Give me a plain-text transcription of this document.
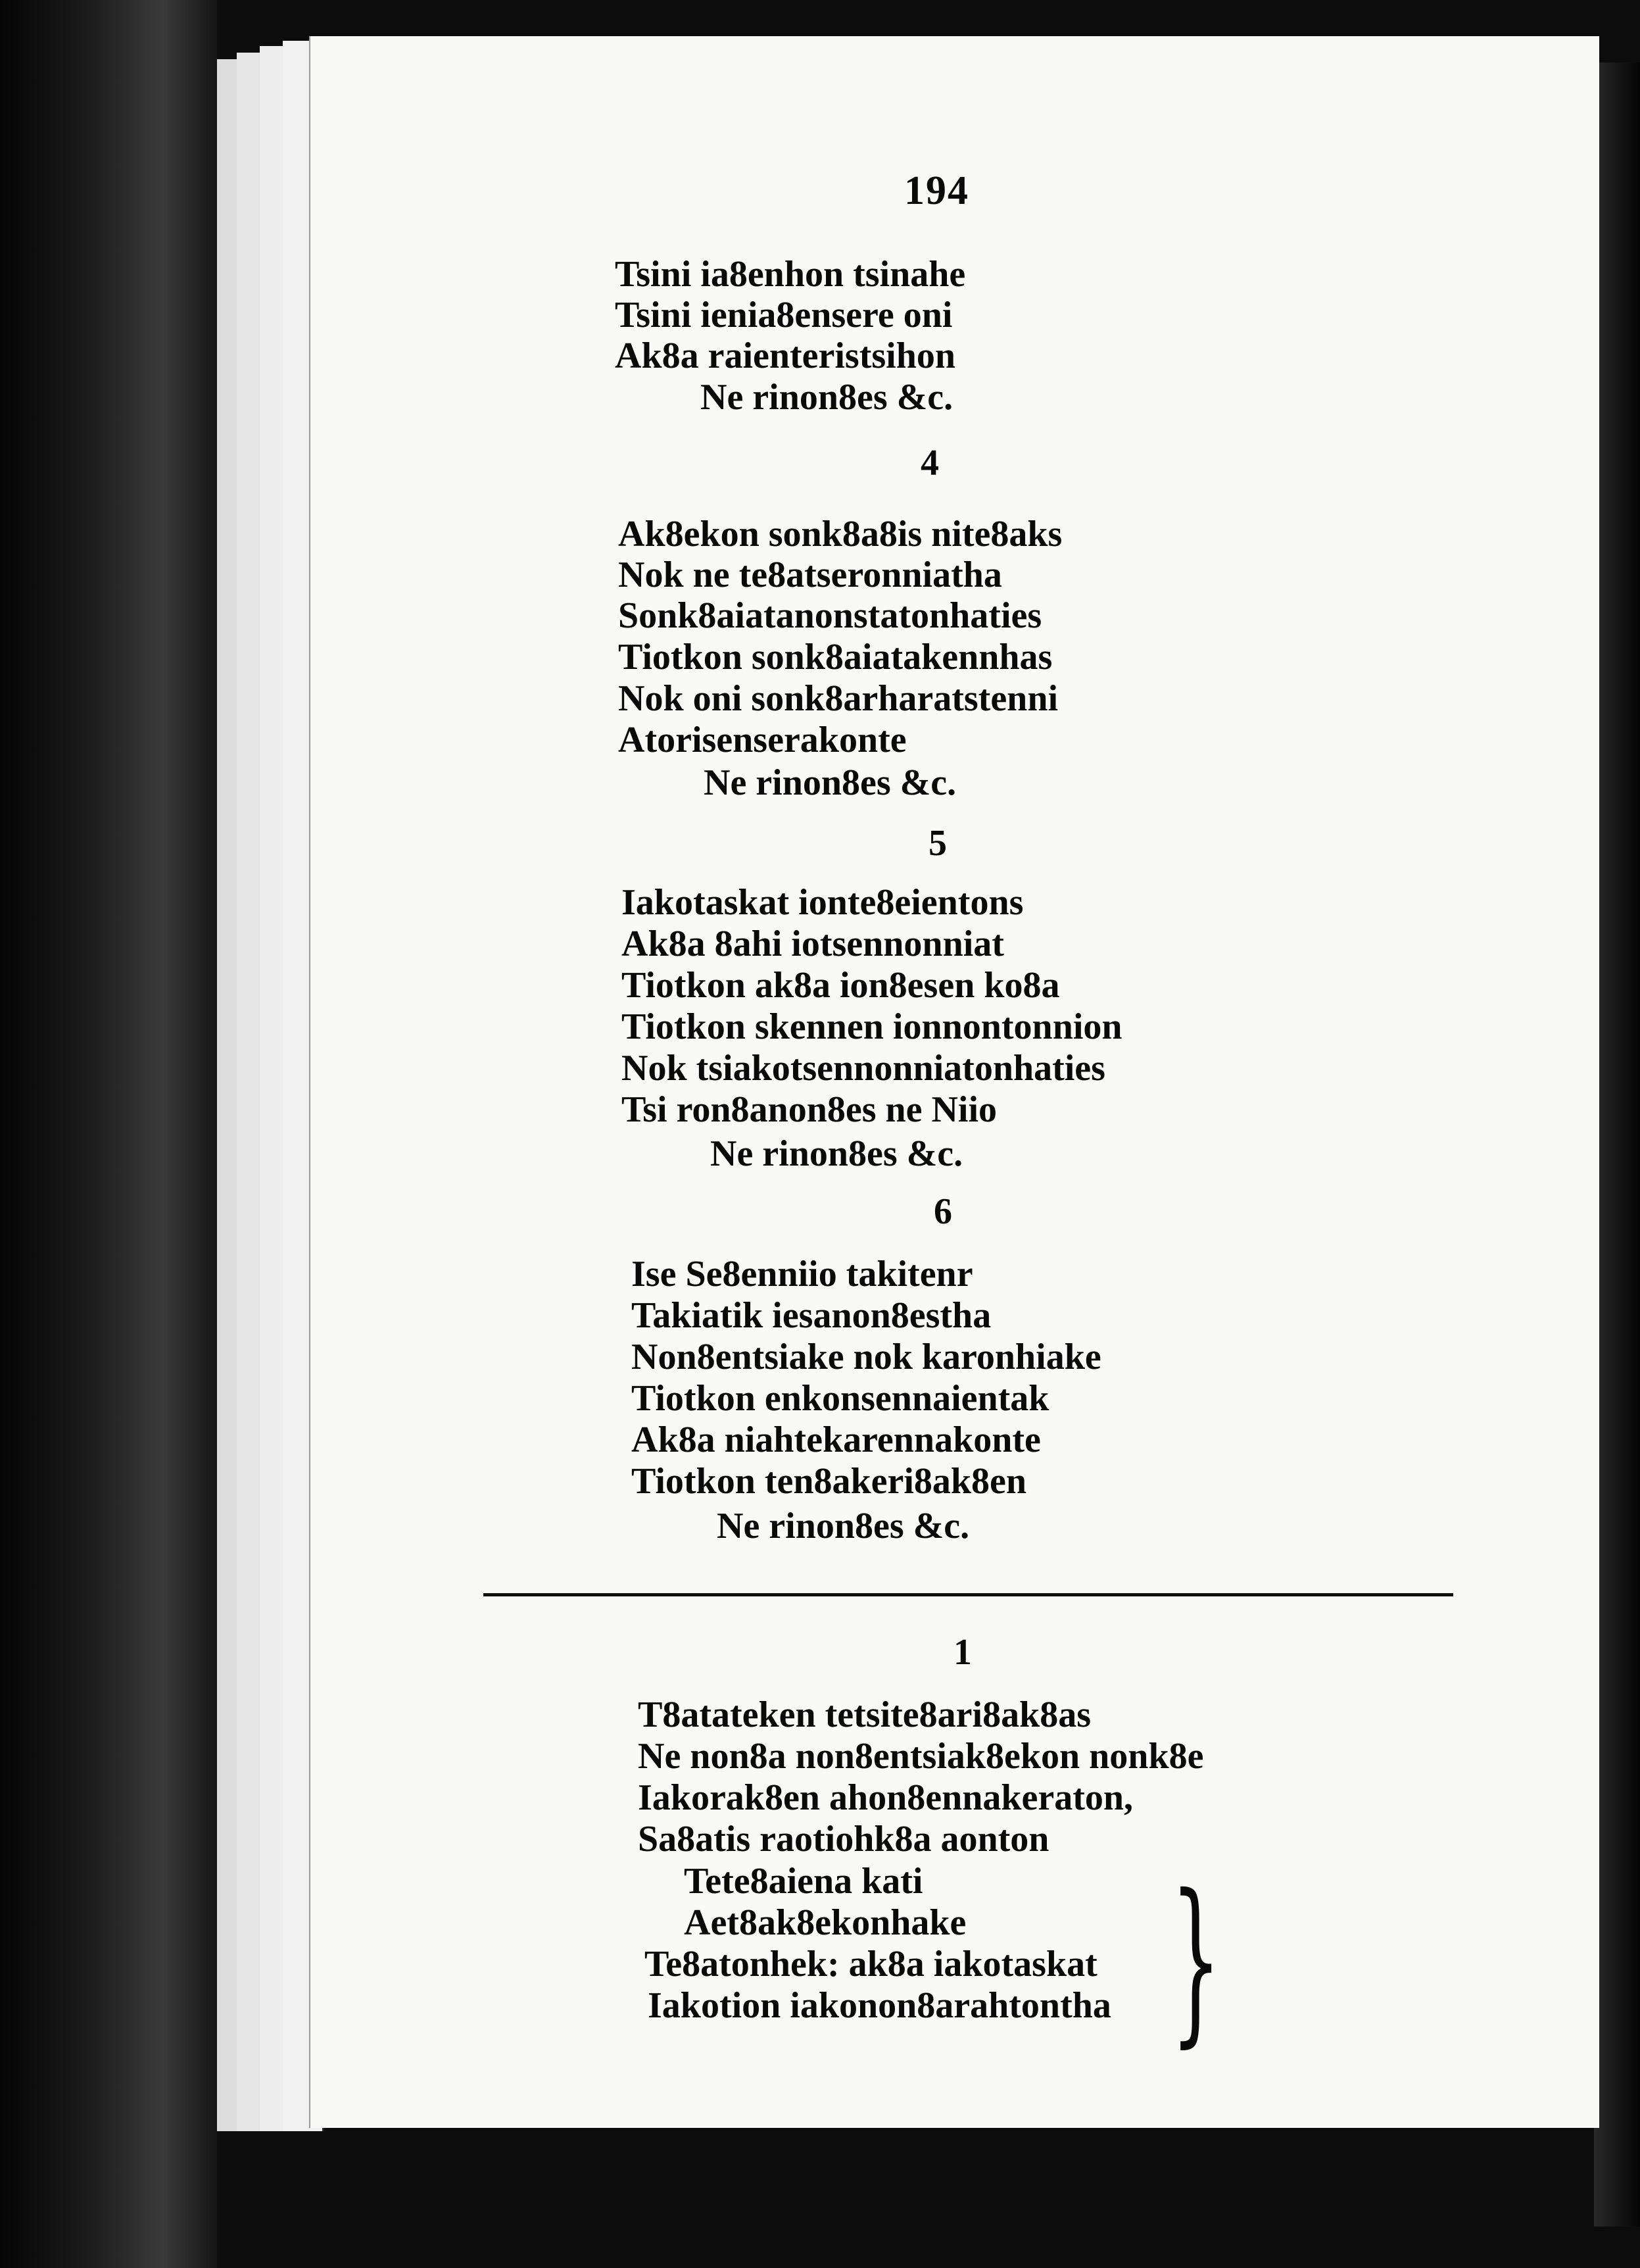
194
Tsini ia8enhon tsinahe
Tsini ienia8ensere oni
Ak8a raienteristsihon
Ne rinon8es &c.
4
Ak8ekon sonk8a8is nite8aks
Nok ne te8atseronniatha
Sonk8aiatanonstatonhaties
Tiotkon sonk8aiatakennhas
Nok oni sonk8arharatstenni
Atorisenserakonte
Ne rinon8es &c.
5
Iakotaskat ionte8eientons
Ak8a 8ahi iotsennonniat
Tiotkon ak8a ion8esen ko8a
Tiotkon skennen ionnontonnion
Nok tsiakotsennonniatonhaties
Tsi ron8anon8es ne Niio
Ne rinon8es &c.
6
Ise Se8enniio takitenr
Takiatik iesanon8estha
Non8entsiake nok karonhiake
Tiotkon enkonsennaientak
Ak8a niahtekarennakonte
Tiotkon ten8akeri8ak8en
Ne rinon8es &c.
1
T8atateken tetsite8ari8ak8as
Ne non8a non8entsiak8ekon nonk8e
Iakorak8en ahon8ennakeraton,
Sa8atis raotiohk8a aonton
Tete8aiena kati
Aet8ak8ekonhake
Te8atonhek: ak8a iakotaskat
Iakotion iakonon8arahtontha }
